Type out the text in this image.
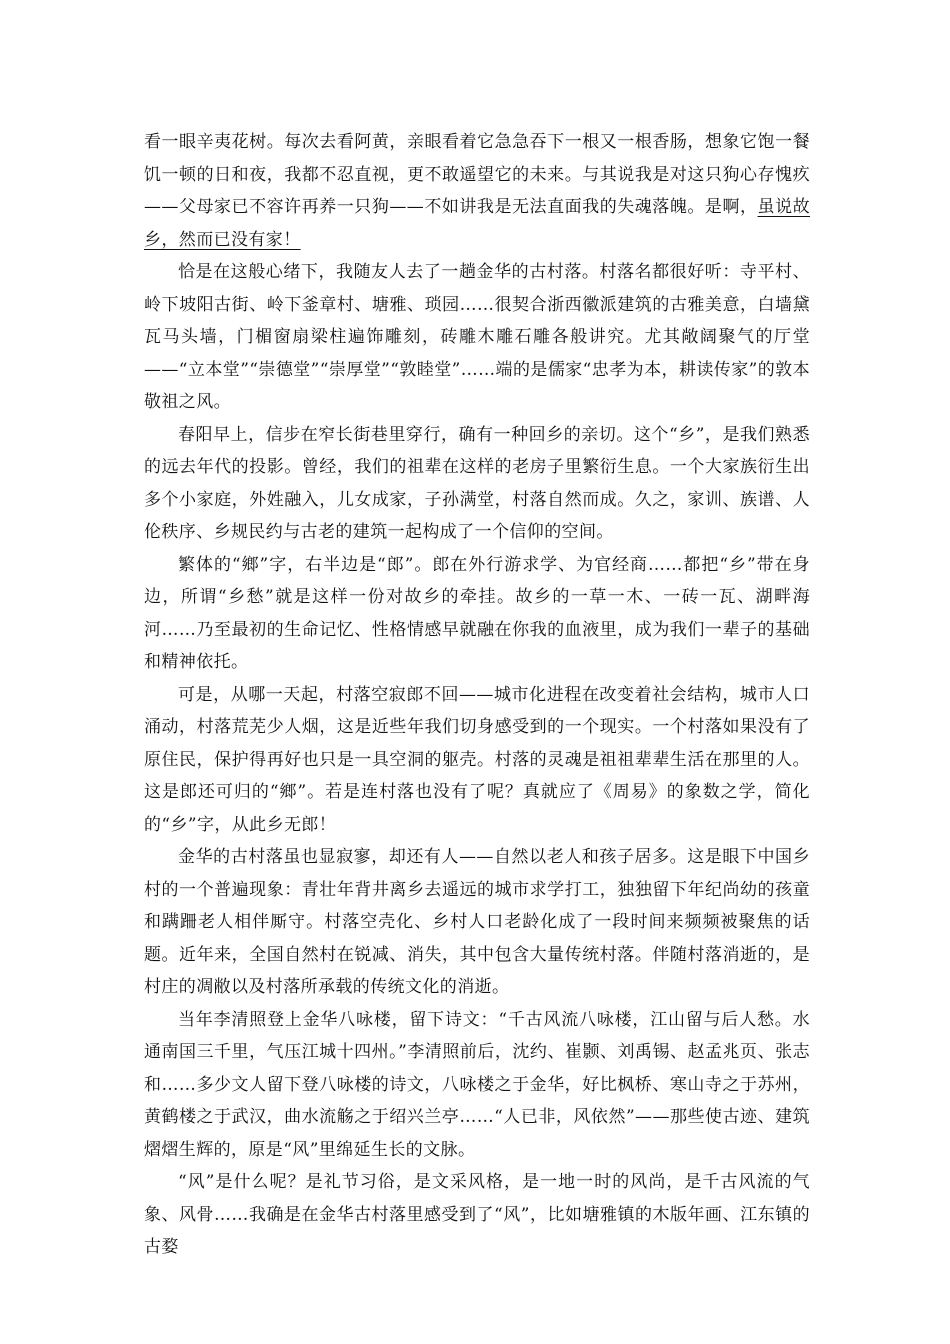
看一眼辛夷花树。每次去看阿黄，亲眼看着它急急吞下一根又一根香肠，想象它饱一餐饥一顿的日和夜，我都不忍直视，更不敢遥望它的未来。与其说我是对这只狗心存愧疚——父母家已不容许再养一只狗——不如讲我是无法直面我的失魂落魄。是啊，虽说故乡，然而已没有家！

恰是在这般心绪下，我随友人去了一趟金华的古村落。村落名都很好听：寺平村、岭下坡阳古街、岭下釜章村、塘雅、琐园……很契合浙西徽派建筑的古雅美意，白墙黛瓦马头墙，门楣窗扇梁柱遍饰雕刻，砖雕木雕石雕各般讲究。尤其敞阔聚气的厅堂——“立本堂”“崇德堂”“崇厚堂”“敦睦堂”……端的是儒家“忠孝为本，耕读传家”的敦本敬祖之风。

春阳早上，信步在窄长街巷里穿行，确有一种回乡的亲切。这个“乡”，是我们熟悉的远去年代的投影。曾经，我们的祖辈在这样的老房子里繁衍生息。一个大家族衍生出多个小家庭，外姓融入，儿女成家，子孙满堂，村落自然而成。久之，家训、族谱、人伦秩序、乡规民约与古老的建筑一起构成了一个信仰的空间。

繁体的“鄉”字，右半边是“郎”。郎在外行游求学、为官经商……都把“乡”带在身边，所谓“乡愁”就是这样一份对故乡的牵挂。故乡的一草一木、一砖一瓦、湖畔海河……乃至最初的生命记忆、性格情感早就融在你我的血液里，成为我们一辈子的基础和精神依托。

可是，从哪一天起，村落空寂郎不回——城市化进程在改变着社会结构，城市人口涌动，村落荒芜少人烟，这是近些年我们切身感受到的一个现实。一个村落如果没有了原住民，保护得再好也只是一具空洞的躯壳。村落的灵魂是祖祖辈辈生活在那里的人。这是郎还可归的“鄉”。若是连村落也没有了呢？真就应了《周易》的象数之学，简化的“乡”字，从此乡无郎！

金华的古村落虽也显寂寥，却还有人——自然以老人和孩子居多。这是眼下中国乡村的一个普遍现象：青壮年背井离乡去遥远的城市求学打工，独独留下年纪尚幼的孩童和蹒跚老人相伴厮守。村落空壳化、乡村人口老龄化成了一段时间来频频被聚焦的话题。近年来，全国自然村在锐减、消失，其中包含大量传统村落。伴随村落消逝的，是村庄的凋敝以及村落所承载的传统文化的消逝。

当年李清照登上金华八咏楼，留下诗文：“千古风流八咏楼，江山留与后人愁。水通南国三千里，气压江城十四州。”李清照前后，沈约、崔颢、刘禹锡、赵孟兆页、张志和……多少文人留下登八咏楼的诗文，八咏楼之于金华，好比枫桥、寒山寺之于苏州，黄鹤楼之于武汉，曲水流觞之于绍兴兰亭……“人已非，风依然”——那些使古迹、建筑熠熠生辉的，原是“风”里绵延生长的文脉。

“风”是什么呢？是礼节习俗，是文采风格，是一地一时的风尚，是千古风流的气象、风骨……我确是在金华古村落里感受到了“风”，比如塘雅镇的木版年画、江东镇的古婺
